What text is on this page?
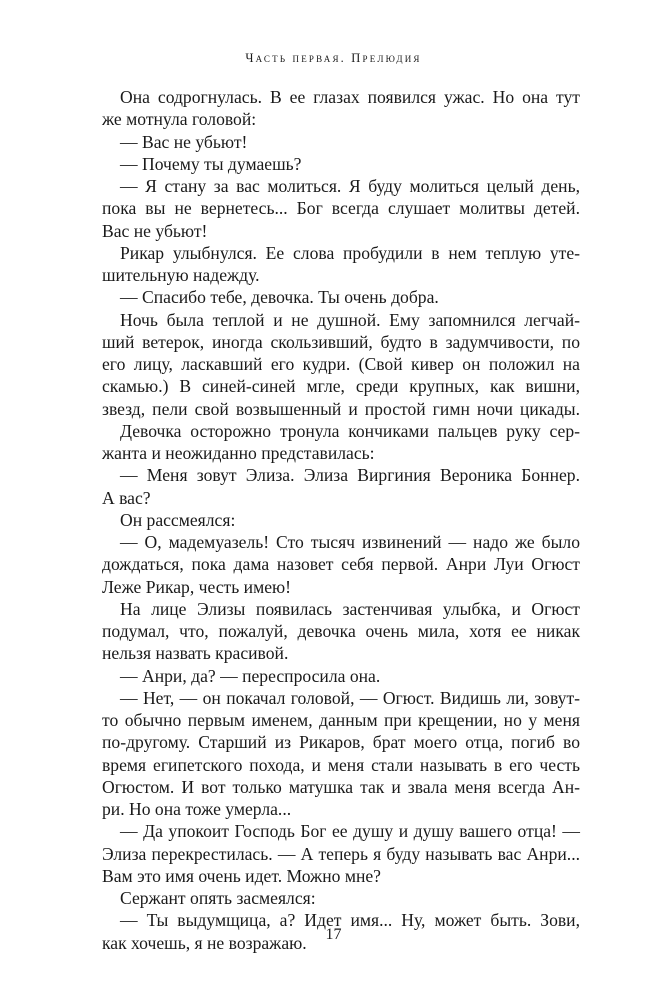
Часть первая. Прелюдия
Она содрогнулась. В ее глазах появился ужас. Но она тут
же мотнула головой:
— Вас не убьют!
— Почему ты думаешь?
— Я стану за вас молиться. Я буду молиться целый день,
пока вы не вернетесь... Бог всегда слушает молитвы детей.
Вас не убьют!
Рикар улыбнулся. Ее слова пробудили в нем теплую уте-
шительную надежду.
— Спасибо тебе, девочка. Ты очень добра.
Ночь была теплой и не душной. Ему запомнился легчай-
ший ветерок, иногда скользивший, будто в задумчивости, по
его лицу, ласкавший его кудри. (Свой кивер он положил на
скамью.) В синей-синей мгле, среди крупных, как вишни,
звезд, пели свой возвышенный и простой гимн ночи цикады.
Девочка осторожно тронула кончиками пальцев руку сер-
жанта и неожиданно представилась:
— Меня зовут Элиза. Элиза Виргиния Вероника Боннер.
А вас?
Он рассмеялся:
— О, мадемуазель! Сто тысяч извинений — надо же было
дождаться, пока дама назовет себя первой. Анри Луи Огюст
Леже Рикар, честь имею!
На лице Элизы появилась застенчивая улыбка, и Огюст
подумал, что, пожалуй, девочка очень мила, хотя ее никак
нельзя назвать красивой.
— Анри, да? — переспросила она.
— Нет, — он покачал головой, — Огюст. Видишь ли, зовут-
то обычно первым именем, данным при крещении, но у меня
по-другому. Старший из Рикаров, брат моего отца, погиб во
время египетского похода, и меня стали называть в его честь
Огюстом. И вот только матушка так и звала меня всегда Ан-
ри. Но она тоже умерла...
— Да упокоит Господь Бог ее душу и душу вашего отца! —
Элиза перекрестилась. — А теперь я буду называть вас Анри...
Вам это имя очень идет. Можно мне?
Сержант опять засмеялся:
— Ты выдумщица, а? Идет имя... Ну, может быть. Зови,
как хочешь, я не возражаю.	17
